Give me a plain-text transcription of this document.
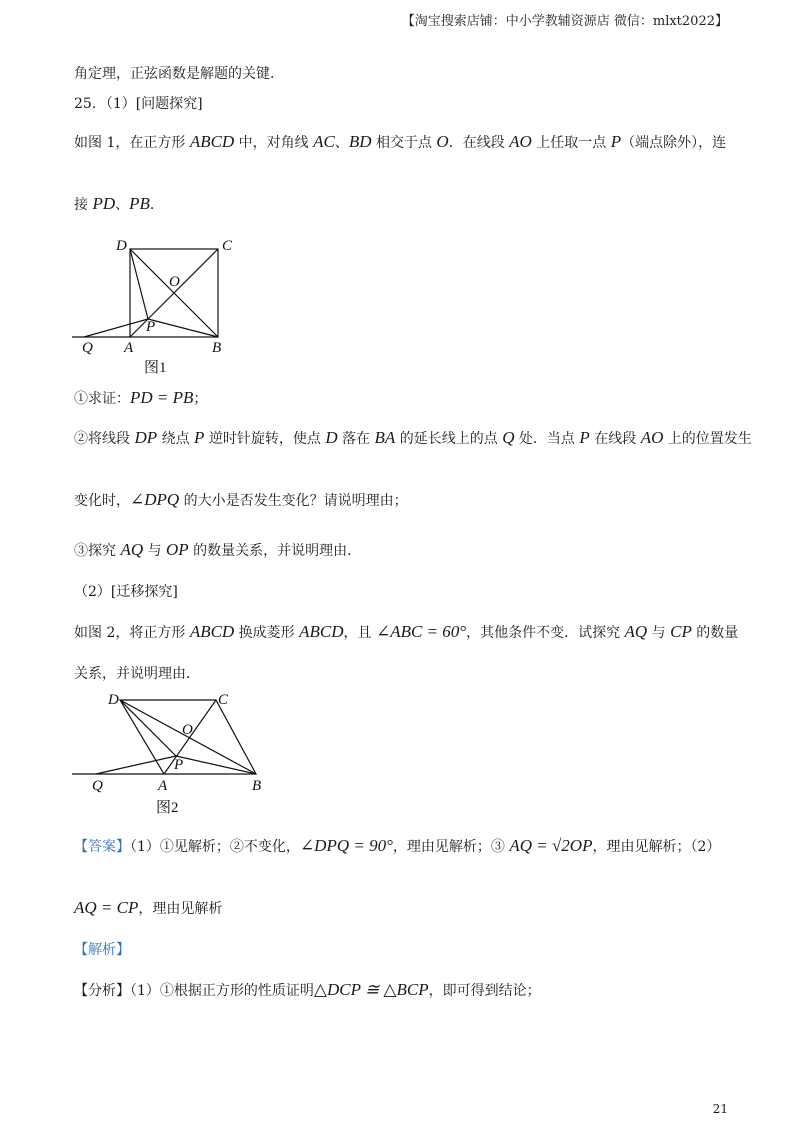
【淘宝搜索店铺：中小学教辅资源店 微信：mlxt2022】
角定理，正弦函数是解题的关键．
25．（1）[问题探究]
如图 1，在正方形 ABCD 中，对角线 AC、BD 相交于点 O．在线段 AO 上任取一点 P（端点除外），连
接 PD、PB．
D	C
O
P
Q A	B
图1
①求证：PD = PB；
②将线段 DP 绕点 P 逆时针旋转，使点 D 落在 BA 的延长线上的点 Q 处．当点 P 在线段 AO 上的位置发生
变化时，∠DPQ 的大小是否发生变化？请说明理由；
③探究 AQ 与 OP 的数量关系，并说明理由．
（2）[迁移探究]
如图 2，将正方形 ABCD 换成菱形 ABCD，且 ∠ABC = 60°，其他条件不变．试探究 AQ 与 CP 的数量
关系，并说明理由．
D	C
O
P
Q	A	B
图2
【答案】（1）①见解析；②不变化，∠DPQ = 90°，理由见解析；③ AQ = √2OP，理由见解析；（2）
AQ = CP，理由见解析
【解析】
【分析】（1）①根据正方形的性质证明△DCP ≅ △BCP，即可得到结论；
21
